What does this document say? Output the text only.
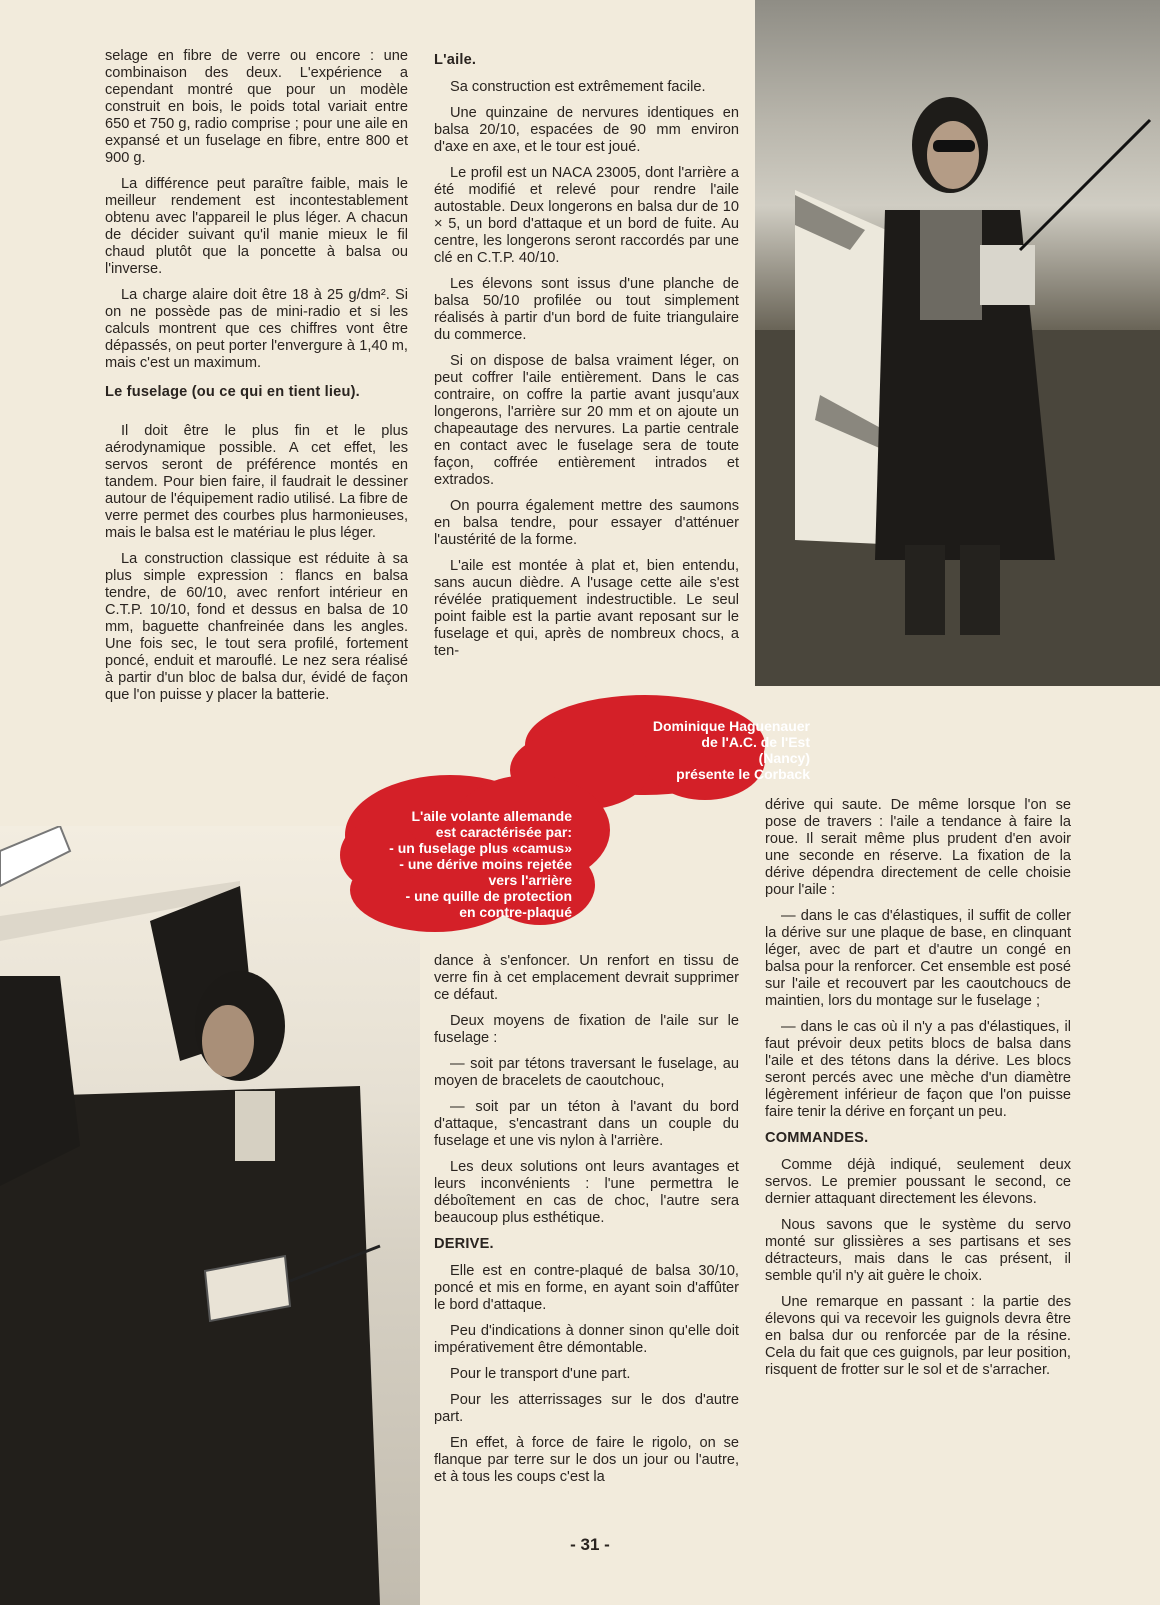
Dominique Haguenauer
de l'A.C. de l'Est
(Nancy)
présente le Corback
L'aile volante allemande
est caractérisée par:
- un fuselage plus «camus»
- une dérive moins rejetée
vers l'arrière
- une quille de protection
en contre-plaqué

selage en fibre de verre ou encore : une combinaison des deux. L'expérience a cependant montré que pour un modèle construit en bois, le poids total variait entre 650 et 750 g, radio comprise ; pour une aile en expansé et un fuselage en fibre, entre 800 et 900 g.

La différence peut paraître faible, mais le meilleur rendement est incontestablement obtenu avec l'appareil le plus léger. A chacun de décider suivant qu'il manie mieux le fil chaud plutôt que la poncette à balsa ou l'inverse.

La charge alaire doit être 18 à 25 g/dm². Si on ne possède pas de mini-radio et si les calculs montrent que ces chiffres vont être dépassés, on peut porter l'envergure à 1,40 m, mais c'est un maximum.

Le fuselage (ou ce qui en tient lieu).

Il doit être le plus fin et le plus aérodynamique possible. A cet effet, les servos seront de préférence montés en tandem. Pour bien faire, il faudrait le dessiner autour de l'équipement radio utilisé. La fibre de verre permet des courbes plus harmonieuses, mais le balsa est le matériau le plus léger.

La construction classique est réduite à sa plus simple expression : flancs en balsa tendre, de 60/10, avec renfort intérieur en C.T.P. 10/10, fond et dessus en balsa de 10 mm, baguette chanfreinée dans les angles. Une fois sec, le tout sera profilé, fortement poncé, enduit et marouflé. Le nez sera réalisé à partir d'un bloc de balsa dur, évidé de façon que l'on puisse y placer la batterie.

L'aile.

Sa construction est extrêmement facile.

Une quinzaine de nervures identiques en balsa 20/10, espacées de 90 mm environ d'axe en axe, et le tour est joué.

Le profil est un NACA 23005, dont l'arrière a été modifié et relevé pour rendre l'aile autostable. Deux longerons en balsa dur de 10 × 5, un bord d'attaque et un bord de fuite. Au centre, les longerons seront raccordés par une clé en C.T.P. 40/10.

Les élevons sont issus d'une planche de balsa 50/10 profilée ou tout simplement réalisés à partir d'un bord de fuite triangulaire du commerce.

Si on dispose de balsa vraiment léger, on peut coffrer l'aile entièrement. Dans le cas contraire, on coffre la partie avant jusqu'aux longerons, l'arrière sur 20 mm et on ajoute un chapeautage des nervures. La partie centrale en contact avec le fuselage sera de toute façon, coffrée entièrement intrados et extrados.

On pourra également mettre des saumons en balsa tendre, pour essayer d'atténuer l'austérité de la forme.

L'aile est montée à plat et, bien entendu, sans aucun dièdre. A l'usage cette aile s'est révélée pratiquement indestructible. Le seul point faible est la partie avant reposant sur le fuselage et qui, après de nombreux chocs, a ten-

dance à s'enfoncer. Un renfort en tissu de verre fin à cet emplacement devrait supprimer ce défaut.

Deux moyens de fixation de l'aile sur le fuselage :

— soit par tétons traversant le fuselage, au moyen de bracelets de caoutchouc,

— soit par un téton à l'avant du bord d'attaque, s'encastrant dans un couple du fuselage et une vis nylon à l'arrière.

Les deux solutions ont leurs avantages et leurs inconvénients : l'une permettra le déboîtement en cas de choc, l'autre sera beaucoup plus esthétique.

DERIVE.

Elle est en contre-plaqué de balsa 30/10, poncé et mis en forme, en ayant soin d'affûter le bord d'attaque.

Peu d'indications à donner sinon qu'elle doit impérativement être démontable.

Pour le transport d'une part.

Pour les atterrissages sur le dos d'autre part.

En effet, à force de faire le rigolo, on se flanque par terre sur le dos un jour ou l'autre, et à tous les coups c'est la

dérive qui saute. De même lorsque l'on se pose de travers : l'aile a tendance à faire la roue. Il serait même plus prudent d'en avoir une seconde en réserve. La fixation de la dérive dépendra directement de celle choisie pour l'aile :

— dans le cas d'élastiques, il suffit de coller la dérive sur une plaque de base, en clinquant léger, avec de part et d'autre un congé en balsa pour la renforcer. Cet ensemble est posé sur l'aile et recouvert par les caoutchoucs de maintien, lors du montage sur le fuselage ;

— dans le cas où il n'y a pas d'élastiques, il faut prévoir deux petits blocs de balsa dans l'aile et des tétons dans la dérive. Les blocs seront percés avec une mèche d'un diamètre légèrement inférieur de façon que l'on puisse faire tenir la dérive en forçant un peu.

COMMANDES.

Comme déjà indiqué, seulement deux servos. Le premier poussant le second, ce dernier attaquant directement les élevons.

Nous savons que le système du servo monté sur glissières a ses partisans et ses détracteurs, mais dans le cas présent, il semble qu'il n'y ait guère le choix.

Une remarque en passant : la partie des élevons qui va recevoir les guignols devra être en balsa dur ou renforcée par de la résine. Cela du fait que ces guignols, par leur position, risquent de frotter sur le sol et de s'arracher.

- 31 -
